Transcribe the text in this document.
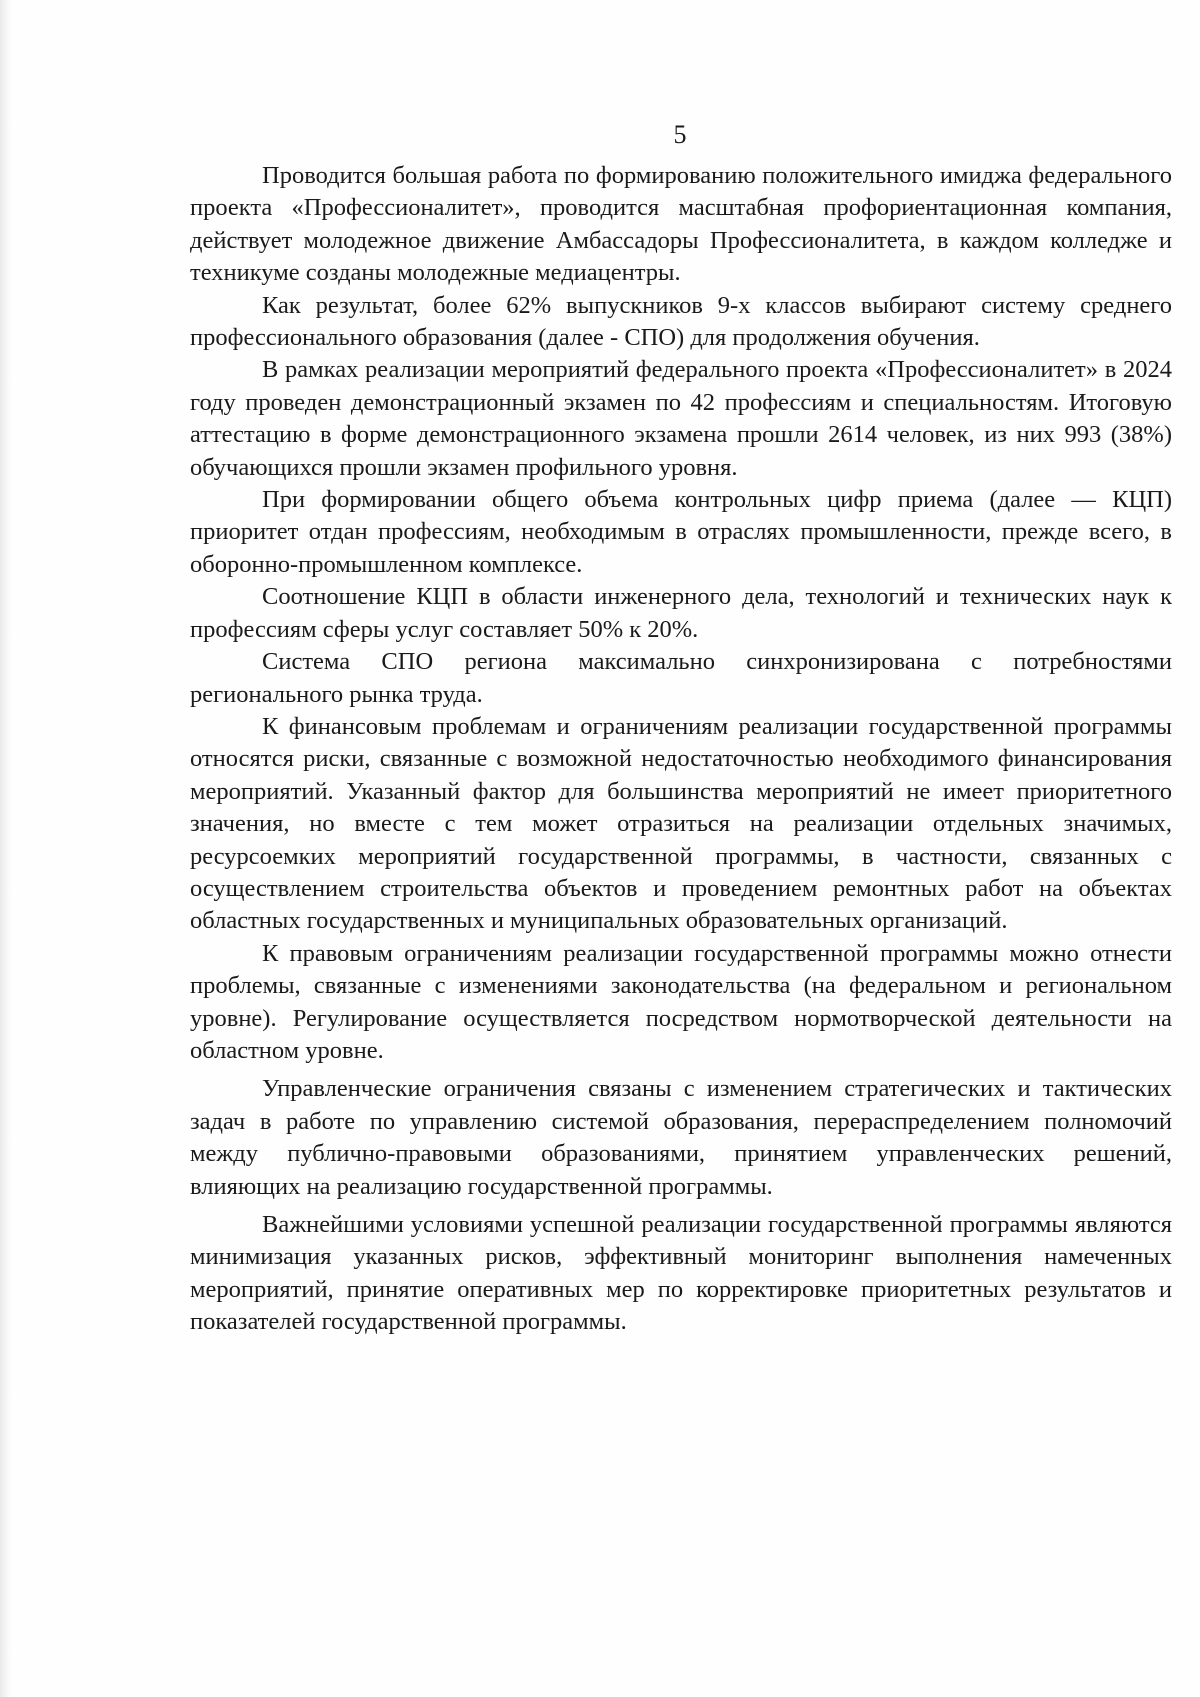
5

Проводится большая работа по формированию положительного имиджа федерального проекта «Профессионалитет», проводится масштабная профориентационная компания, действует молодежное движение Амбассадоры Профессионалитета, в каждом колледже и техникуме созданы молодежные медиацентры.

Как результат, более 62% выпускников 9-х классов выбирают систему среднего профессионального образования (далее - СПО) для продолжения обучения.

В рамках реализации мероприятий федерального проекта «Профессионалитет» в 2024 году проведен демонстрационный экзамен по 42 профессиям и специальностям. Итоговую аттестацию в форме демонстрационного экзамена прошли 2614 человек, из них 993 (38%) обучающихся прошли экзамен профильного уровня.

При формировании общего объема контрольных цифр приема (далее — КЦП) приоритет отдан профессиям, необходимым в отраслях промышленности, прежде всего, в оборонно-промышленном комплексе.

Соотношение КЦП в области инженерного дела, технологий и технических наук к профессиям сферы услуг составляет 50% к 20%.

Система СПО региона максимально синхронизирована с потребностями регионального рынка труда.

К финансовым проблемам и ограничениям реализации государственной программы относятся риски, связанные с возможной недостаточностью необходимого финансирования мероприятий. Указанный фактор для большинства мероприятий не имеет приоритетного значения, но вместе с тем может отразиться на реализации отдельных значимых, ресурсоемких мероприятий государственной программы, в частности, связанных с осуществлением строительства объектов и проведением ремонтных работ на объектах областных государственных и муниципальных образовательных организаций.

К правовым ограничениям реализации государственной программы можно отнести проблемы, связанные с изменениями законодательства (на федеральном и региональном уровне). Регулирование осуществляется посредством нормотворческой деятельности на областном уровне.

Управленческие ограничения связаны с изменением стратегических и тактических задач в работе по управлению системой образования, перераспределением полномочий между публично-правовыми образованиями, принятием управленческих решений, влияющих на реализацию государственной программы.

Важнейшими условиями успешной реализации государственной программы являются минимизация указанных рисков, эффективный мониторинг выполнения намеченных мероприятий, принятие оперативных мер по корректировке приоритетных результатов и показателей государственной программы.
